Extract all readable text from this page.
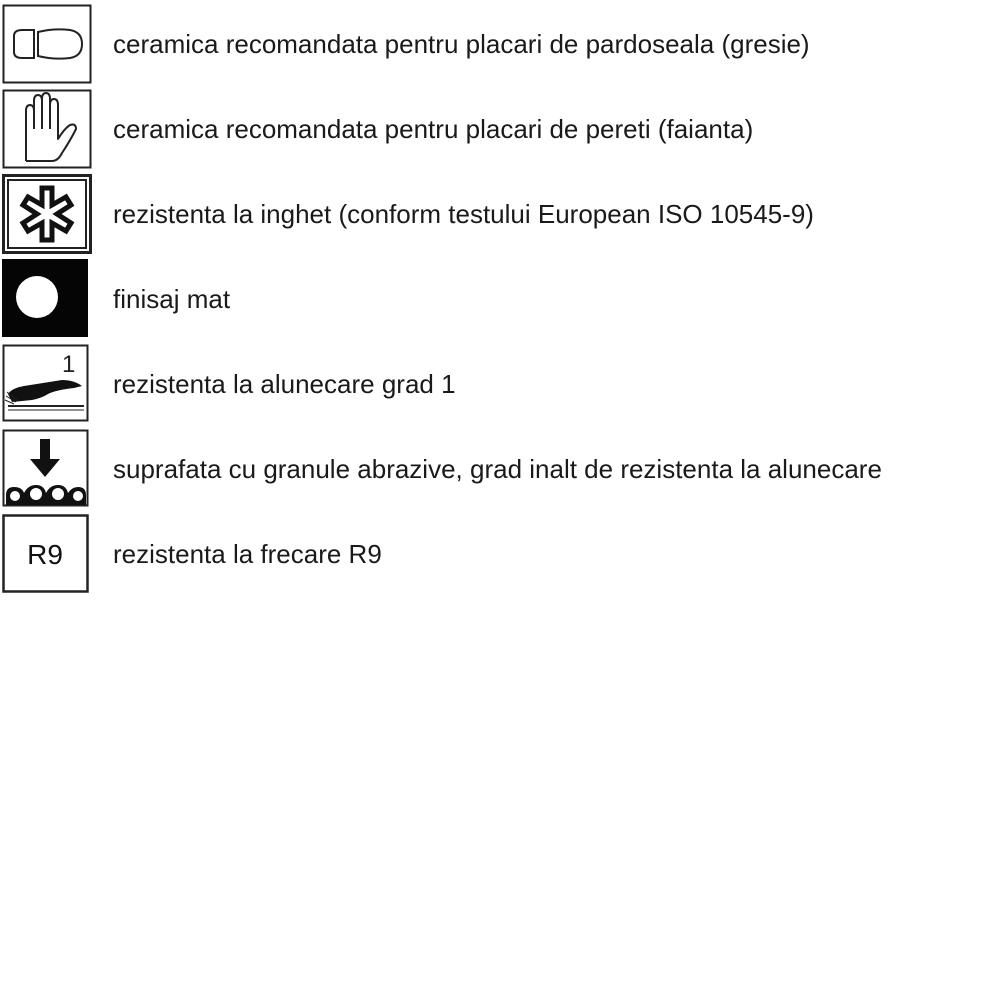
ceramica recomandata pentru placari de pardoseala (gresie)
ceramica recomandata pentru placari de pereti (faianta)
rezistenta la inghet (conform testului European ISO 10545-9)
finisaj mat
1
rezistenta la alunecare grad 1
suprafata cu granule abrazive, grad inalt de rezistenta la alunecare
R9 rezistenta la frecare R9
